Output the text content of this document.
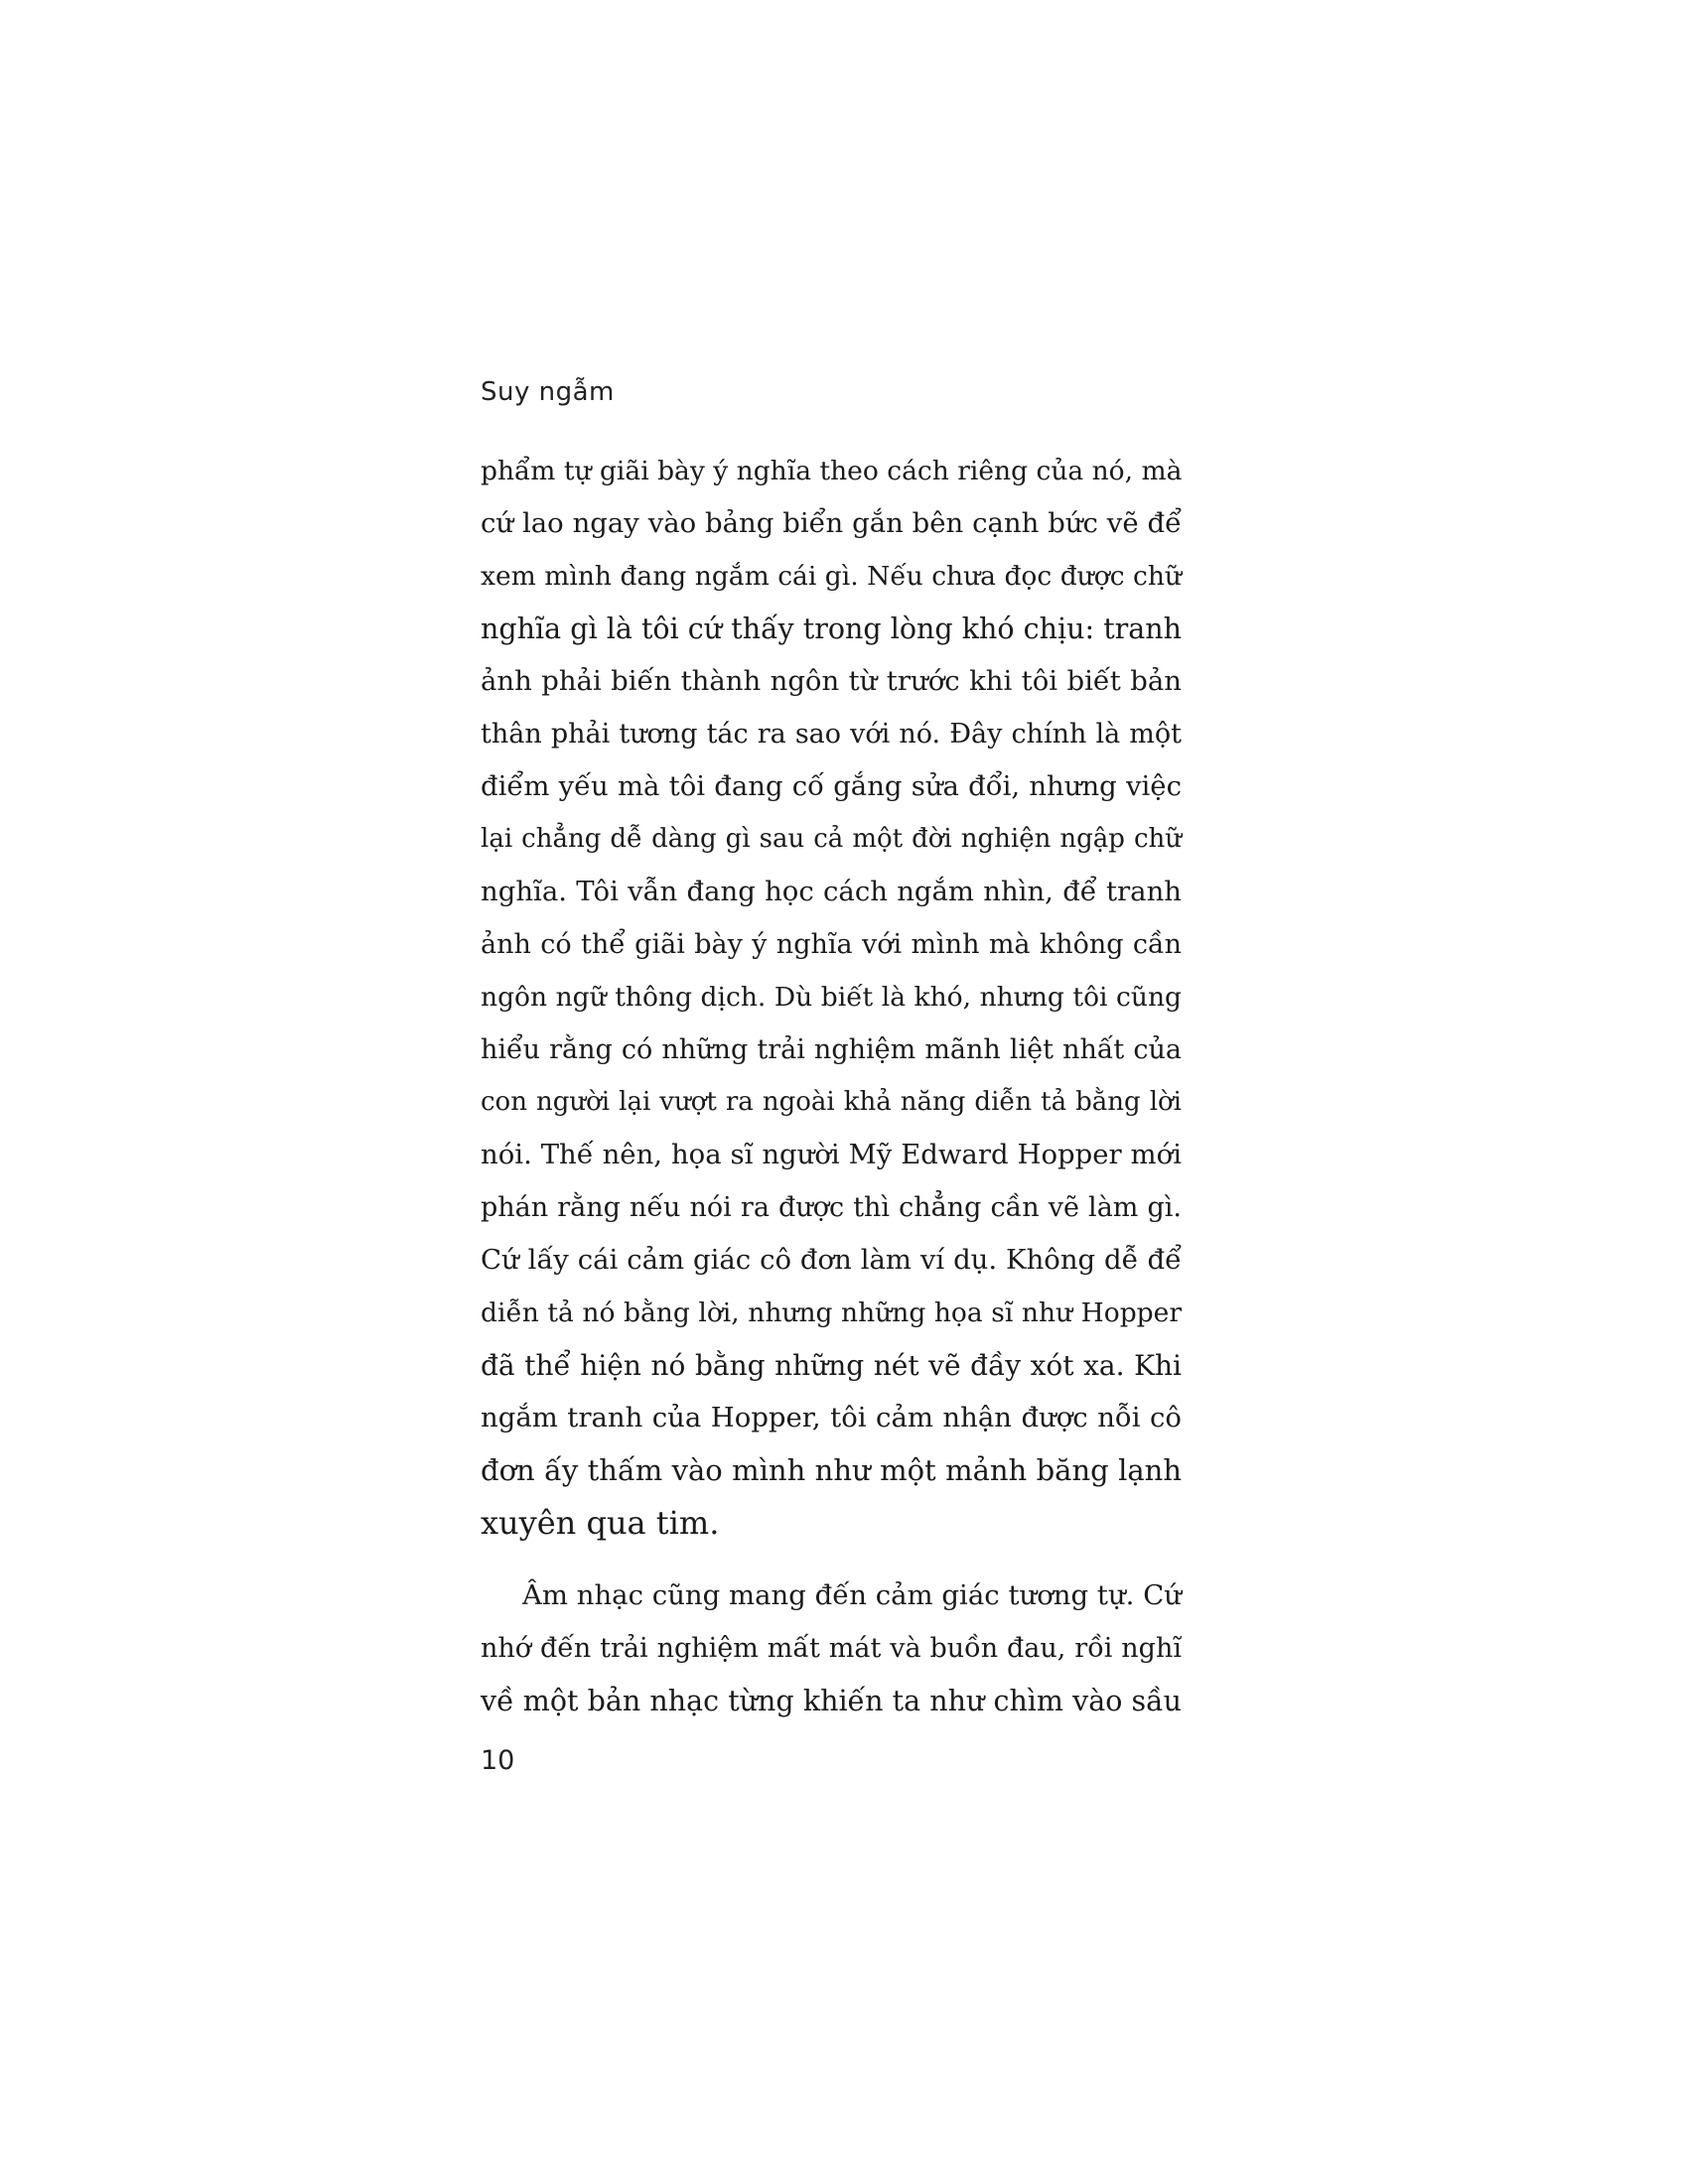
Suy ngẫm
phẩm tự giãi bày ý nghĩa theo cách riêng của nó, mà
cứ lao ngay vào bảng biển gắn bên cạnh bức vẽ để
xem mình đang ngắm cái gì. Nếu chưa đọc được chữ
nghĩa gì là tôi cứ thấy trong lòng khó chịu: tranh
ảnh phải biến thành ngôn từ trước khi tôi biết bản
thân phải tương tác ra sao với nó. Đây chính là một
điểm yếu mà tôi đang cố gắng sửa đổi, nhưng việc
lại chẳng dễ dàng gì sau cả một đời nghiện ngập chữ
nghĩa. Tôi vẫn đang học cách ngắm nhìn, để tranh
ảnh có thể giãi bày ý nghĩa với mình mà không cần
ngôn ngữ thông dịch. Dù biết là khó, nhưng tôi cũng
hiểu rằng có những trải nghiệm mãnh liệt nhất của
con người lại vượt ra ngoài khả năng diễn tả bằng lời
nói. Thế nên, họa sĩ người Mỹ Edward Hopper mới
phán rằng nếu nói ra được thì chẳng cần vẽ làm gì.
Cứ lấy cái cảm giác cô đơn làm ví dụ. Không dễ để
diễn tả nó bằng lời, nhưng những họa sĩ như Hopper
đã thể hiện nó bằng những nét vẽ đầy xót xa. Khi
ngắm tranh của Hopper, tôi cảm nhận được nỗi cô
đơn ấy thấm vào mình như một mảnh băng lạnh
xuyên qua tim.
Âm nhạc cũng mang đến cảm giác tương tự. Cứ
nhớ đến trải nghiệm mất mát và buồn đau, rồi nghĩ
về một bản nhạc từng khiến ta như chìm vào sầu
10
